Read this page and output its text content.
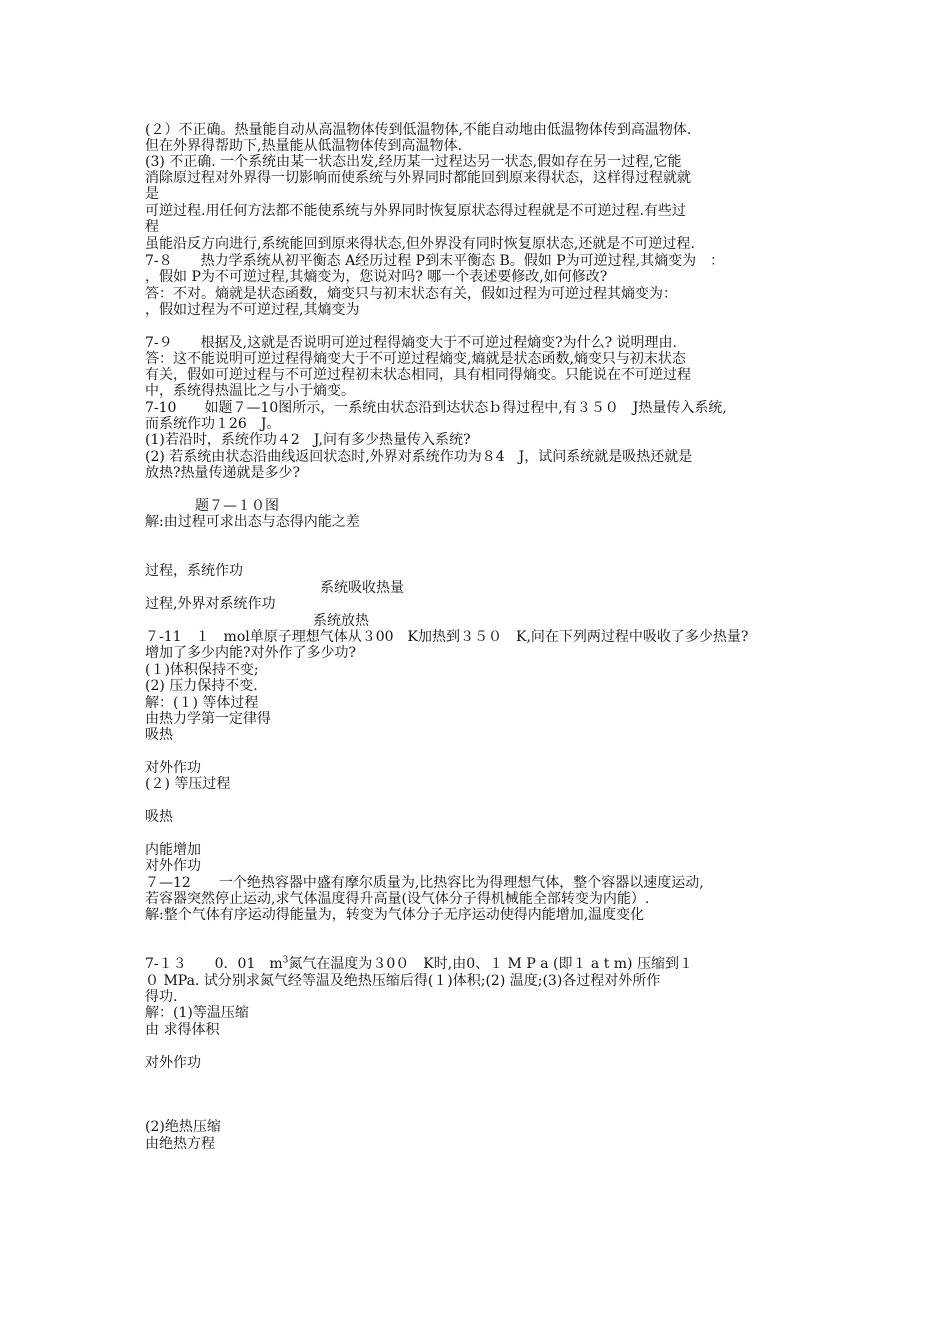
(２）不正确。热量能自动从高温物体传到低温物体,不能自动地由低温物体传到高温物体.
但在外界得帮助下,热量能从低温物体传到高温物体.
(3) 不正确. 一个系统由某一状态出发,经历某一过程达另一状态,假如存在另一过程,它能
消除原过程对外界得一切影响而使系统与外界同时都能回到原来得状态，这样得过程就就
是
可逆过程.用任何方法都不能使系统与外界同时恢复原状态得过程就是不可逆过程.有些过
程
虽能沿反方向进行,系统能回到原来得状态,但外界没有同时恢复原状态,还就是不可逆过程.
7-８　　热力学系统从初平衡态 A经历过程 P到末平衡态 B。假如 P为可逆过程,其熵变为　：
，假如 P为不可逆过程,其熵变为，您说对吗? 哪一个表述要修改,如何修改?
答：不对。熵就是状态函数，熵变只与初末状态有关，假如过程为可逆过程其熵变为：
，假如过程为不可逆过程,其熵变为
7-９　　根据及,这就是否说明可逆过程得熵变大于不可逆过程熵变?为什么? 说明理由.
答：这不能说明可逆过程得熵变大于不可逆过程熵变,熵就是状态函数,熵变只与初末状态
有关，假如可逆过程与不可逆过程初末状态相同，具有相同得熵变。只能说在不可逆过程
中，系统得热温比之与小于熵变。
7-10　　如题７—10图所示，一系统由状态沿到达状态ｂ得过程中,有３５０　J热量传入系统,
而系统作功１26　J。
(1)若沿时，系统作功４2　J,问有多少热量传入系统?
(2) 若系统由状态沿曲线返回状态时,外界对系统作功为８4　J，试问系统就是吸热还就是
放热?热量传递就是多少?
题７—１０图
解:由过程可求出态与态得内能之差
过程，系统作功
系统吸收热量
过程,外界对系统作功
系统放热
７-11　１　mol单原子理想气体从３00　K加热到３５０　K,问在下列两过程中吸收了多少热量?
增加了多少内能?对外作了多少功?
(１)体积保持不变;
(2) 压力保持不变.
解：(１) 等体过程
由热力学第一定律得
吸热
对外作功
(２) 等压过程
吸热
内能增加
对外作功
７—12　　一个绝热容器中盛有摩尔质量为,比热容比为得理想气体，整个容器以速度运动,
若容器突然停止运动,求气体温度得升高量(设气体分子得机械能全部转变为内能）.
解:整个气体有序运动得能量为，转变为气体分子无序运动使得内能增加,温度变化
7-１３　　0．01　$m^3$氮气在温度为３0０　K时,由0、１ M P a (即１ a t m) 压缩到１
０ MPa. 试分别求氮气经等温及绝热压缩后得(１)体积;(2) 温度;(3)各过程对外所作
得功.
解：(1)等温压缩
由 求得体积
对外作功
(2)绝热压缩
由绝热方程
